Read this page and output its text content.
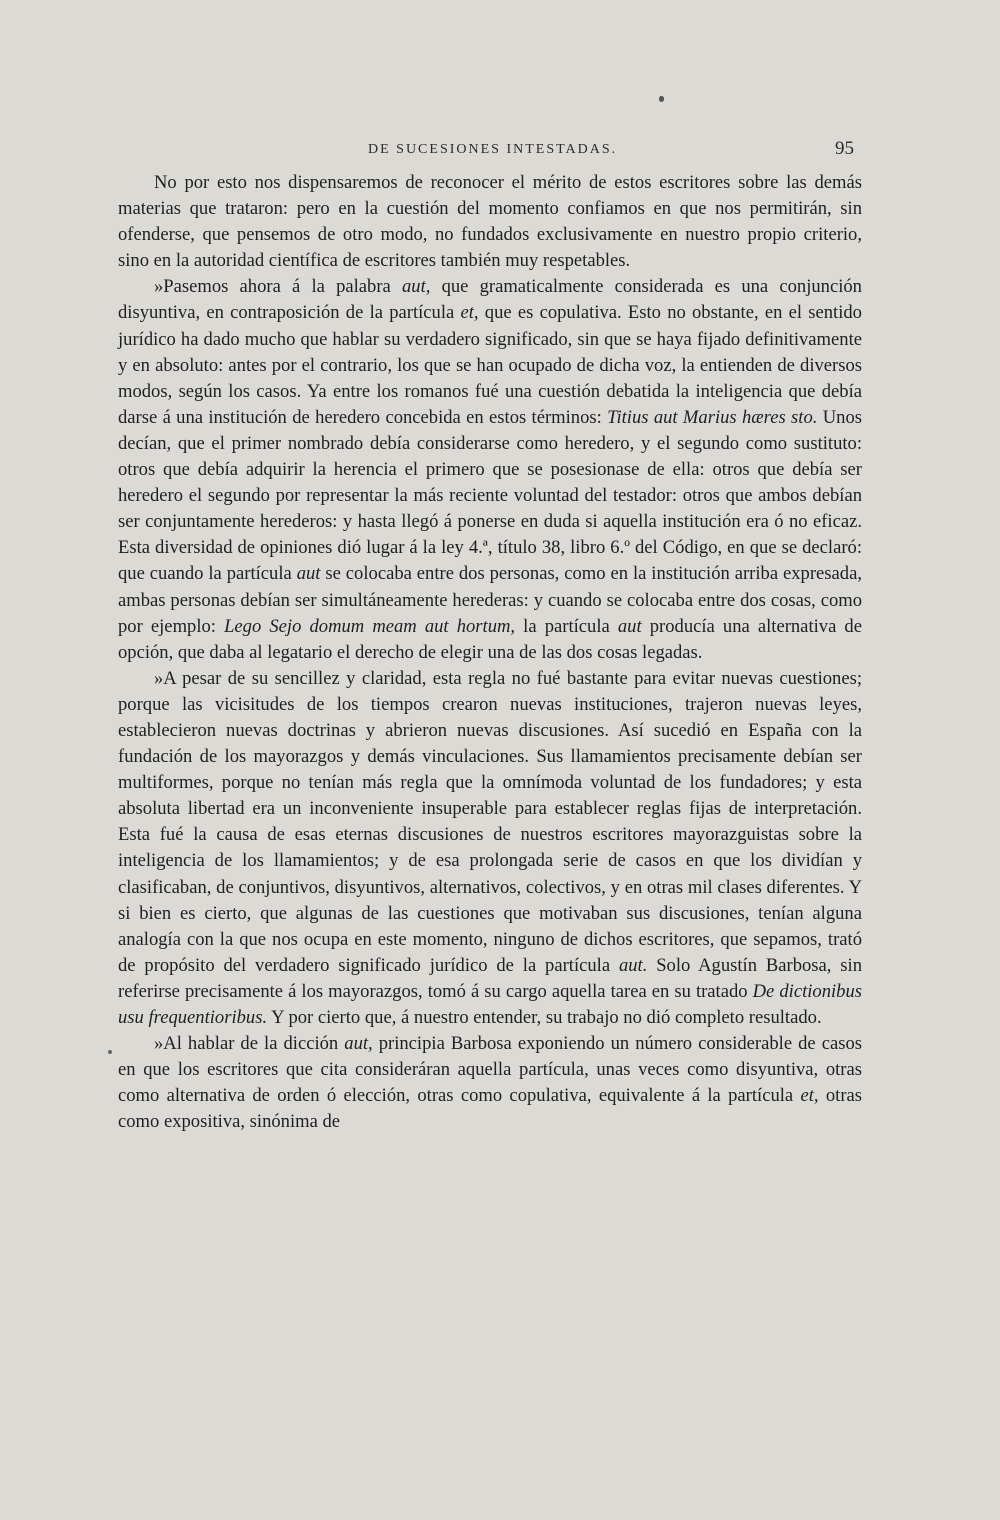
DE SUCESIONES INTESTADAS.	95

No por esto nos dispensaremos de reconocer el mérito de estos escritores sobre las demás materias que trataron: pero en la cuestión del momento confiamos en que nos permitirán, sin ofenderse, que pensemos de otro modo, no fundados exclusivamente en nuestro propio criterio, sino en la autoridad científica de escritores también muy respetables.

»Pasemos ahora á la palabra aut, que gramaticalmente considerada es una conjunción disyuntiva, en contraposición de la partícula et, que es copulativa. Esto no obstante, en el sentido jurídico ha dado mucho que hablar su verdadero significado, sin que se haya fijado definitivamente y en absoluto: antes por el contrario, los que se han ocupado de dicha voz, la entienden de diversos modos, según los casos. Ya entre los romanos fué una cuestión debatida la inteligencia que debía darse á una institución de heredero concebida en estos términos: Titius aut Marius hæres sto. Unos decían, que el primer nombrado debía considerarse como heredero, y el segundo como sustituto: otros que debía adquirir la herencia el primero que se posesionase de ella: otros que debía ser heredero el segundo por representar la más reciente voluntad del testador: otros que ambos debían ser conjuntamente herederos: y hasta llegó á ponerse en duda si aquella institución era ó no eficaz. Esta diversidad de opiniones dió lugar á la ley 4.ª, título 38, libro 6.º del Código, en que se declaró: que cuando la partícula aut se colocaba entre dos personas, como en la institución arriba expresada, ambas personas debían ser simultáneamente herederas: y cuando se colocaba entre dos cosas, como por ejemplo: Lego Sejo domum meam aut hortum, la partícula aut producía una alternativa de opción, que daba al legatario el derecho de elegir una de las dos cosas legadas.

»A pesar de su sencillez y claridad, esta regla no fué bastante para evitar nuevas cuestiones; porque las vicisitudes de los tiempos crearon nuevas instituciones, trajeron nuevas leyes, establecieron nuevas doctrinas y abrieron nuevas discusiones. Así sucedió en España con la fundación de los mayorazgos y demás vinculaciones. Sus llamamientos precisamente debían ser multiformes, porque no tenían más regla que la omnímoda voluntad de los fundadores; y esta absoluta libertad era un inconveniente insuperable para establecer reglas fijas de interpretación. Esta fué la causa de esas eternas discusiones de nuestros escritores mayorazguistas sobre la inteligencia de los llamamientos; y de esa prolongada serie de casos en que los dividían y clasificaban, de conjuntivos, disyuntivos, alternativos, colectivos, y en otras mil clases diferentes. Y si bien es cierto, que algunas de las cuestiones que motivaban sus discusiones, tenían alguna analogía con la que nos ocupa en este momento, ninguno de dichos escritores, que sepamos, trató de propósito del verdadero significado jurídico de la partícula aut. Solo Agustín Barbosa, sin referirse precisamente á los mayorazgos, tomó á su cargo aquella tarea en su tratado De dictionibus usu frequentioribus. Y por cierto que, á nuestro entender, su trabajo no dió completo resultado.

»Al hablar de la dicción aut, principia Barbosa exponiendo un número considerable de casos en que los escritores que cita consideráran aquella partícula, unas veces como disyuntiva, otras como alternativa de orden ó elección, otras como copulativa, equivalente á la partícula et, otras como expositiva, sinónima de
